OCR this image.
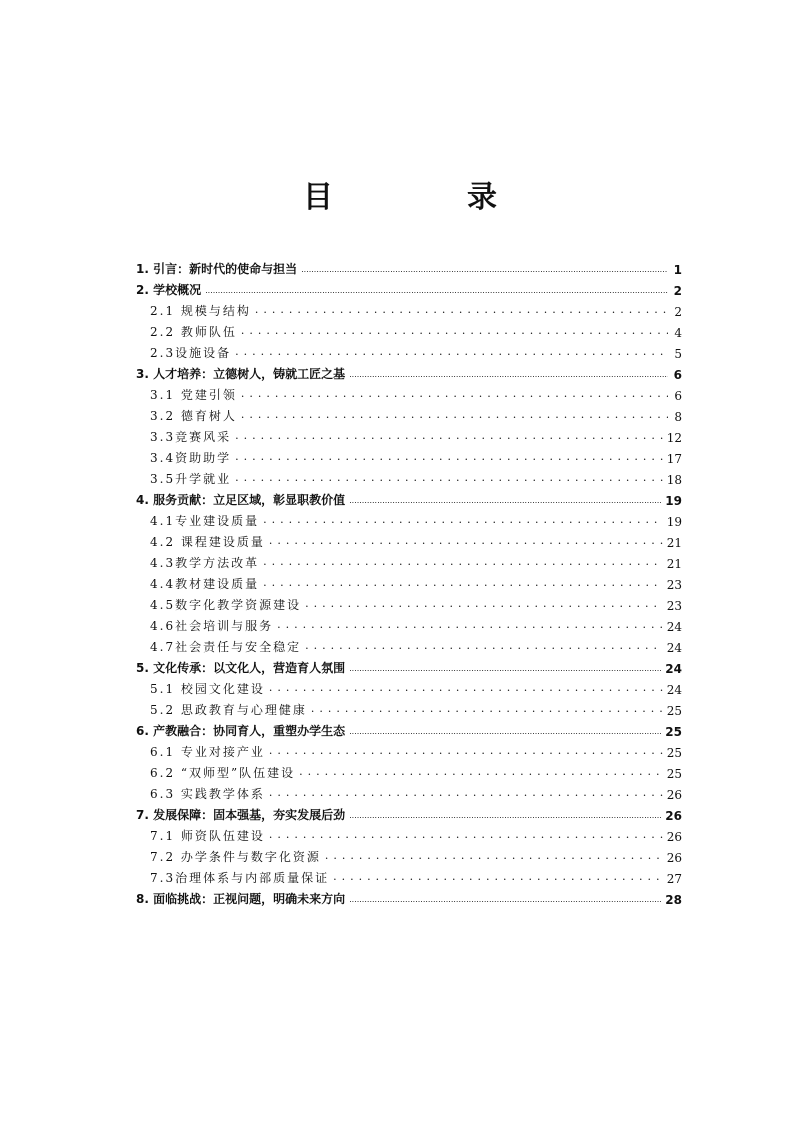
目　录
1. 引言：新时代的使命与担当 .....	1
2. 学校概况 .....	2
2.1 规模与结构 .....	2
2.2 教师队伍 .....	4
2.3设施设备 .....	5
3. 人才培养：立德树人，铸就工匠之基 .....	6
3.1 党建引领 .....	6
3.2 德育树人 .....	8
3.3竞赛风采 .....	12
3.4资助助学 .....	17
3.5升学就业 .....	18
4. 服务贡献：立足区域，彰显职教价值 .....	19
4.1专业建设质量 .....	19
4.2 课程建设质量 .....	21
4.3教学方法改革 .....	21
4.4教材建设质量 .....	23
4.5数字化教学资源建设 .....	23
4.6社会培训与服务 .....	24
4.7社会责任与安全稳定 .....	24
5. 文化传承：以文化人，营造育人氛围 .....	24
5.1 校园文化建设 .....	24
5.2 思政教育与心理健康 .....	25
6. 产教融合：协同育人，重塑办学生态 .....	25
6.1 专业对接产业 .....	25
6.2 “双师型”队伍建设 .....	25
6.3 实践教学体系 .....	26
7. 发展保障：固本强基，夯实发展后劲 .....	26
7.1 师资队伍建设 .....	26
7.2 办学条件与数字化资源 .....	26
7.3治理体系与内部质量保证 .....	27
8. 面临挑战：正视问题，明确未来方向 .....	28
